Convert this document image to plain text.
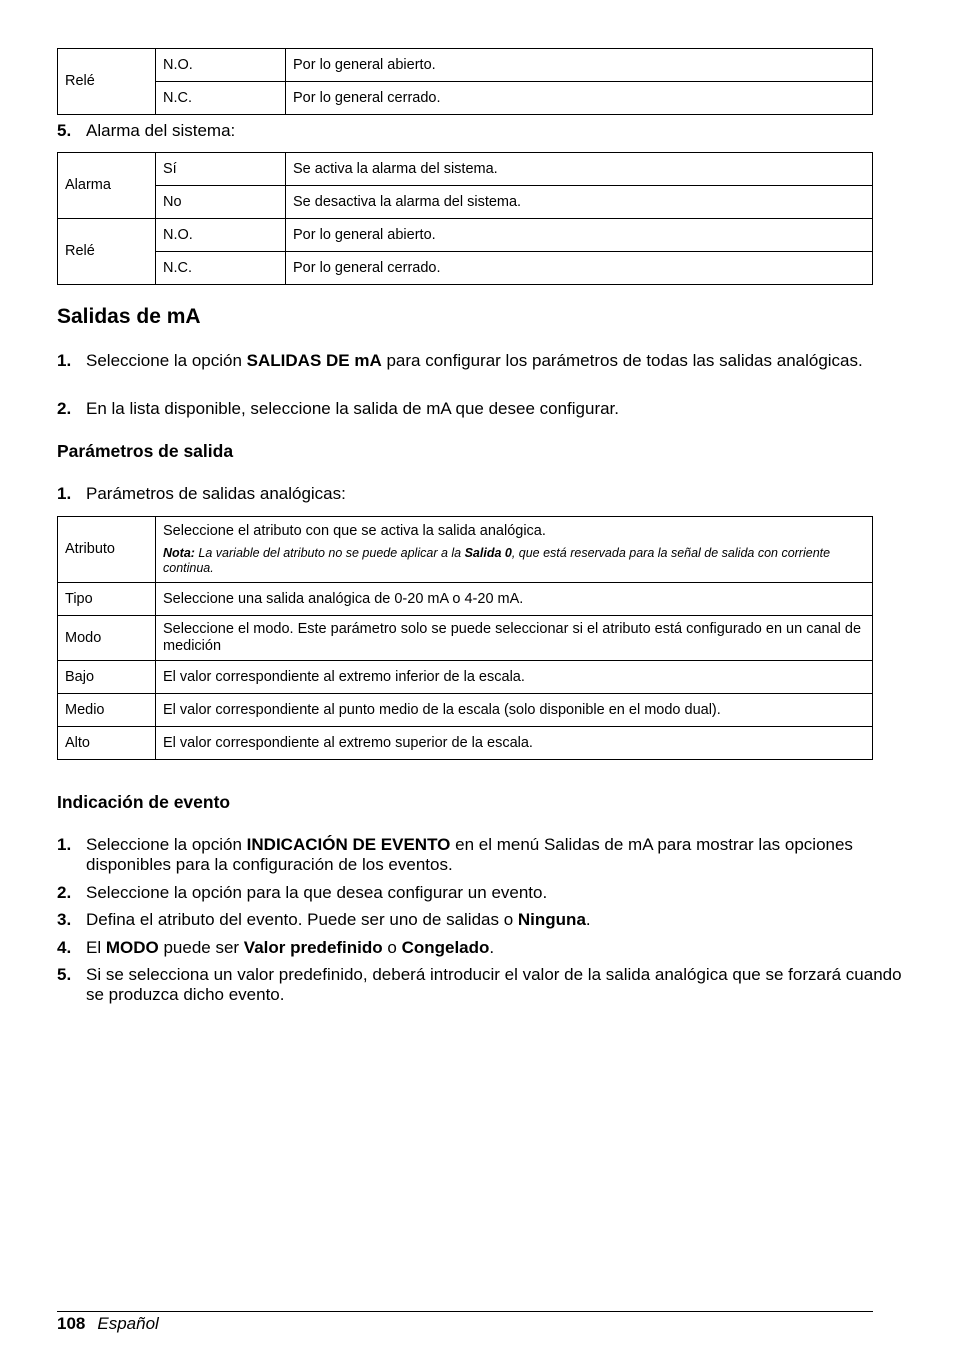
Relé	N.O.	Por lo general abierto.
	N.C.	Por lo general cerrado.
5. Alarma del sistema:
Alarma	Sí	Se activa la alarma del sistema.
	No	Se desactiva la alarma del sistema.
Relé	N.O.	Por lo general abierto.
	N.C.	Por lo general cerrado.
Salidas de mA
1. Seleccione la opción SALIDAS DE mA para configurar los parámetros de todas las salidas analógicas.
2. En la lista disponible, seleccione la salida de mA que desee configurar.
Parámetros de salida
1. Parámetros de salidas analógicas:
Atributo	Seleccione el atributo con que se activa la salida analógica.
Nota: La variable del atributo no se puede aplicar a la Salida 0, que está reservada para la señal de salida con corriente continua.

Tipo	Seleccione una salida analógica de 0-20 mA o 4-20 mA.
Modo	Seleccione el modo. Este parámetro solo se puede seleccionar si el atributo está configurado en un canal de medición
Bajo	El valor correspondiente al extremo inferior de la escala.
Medio	El valor correspondiente al punto medio de la escala (solo disponible en el modo dual).
Alto	El valor correspondiente al extremo superior de la escala.
Indicación de evento
1. Seleccione la opción INDICACIÓN DE EVENTO en el menú Salidas de mA para mostrar las opciones disponibles para la configuración de los eventos.
2. Seleccione la opción para la que desea configurar un evento.
3. Defina el atributo del evento. Puede ser uno de salidas o Ninguna.
4. El MODO puede ser Valor predefinido o Congelado.
5. Si se selecciona un valor predefinido, deberá introducir el valor de la salida analógica que se forzará cuando se produzca dicho evento.
108 Español
